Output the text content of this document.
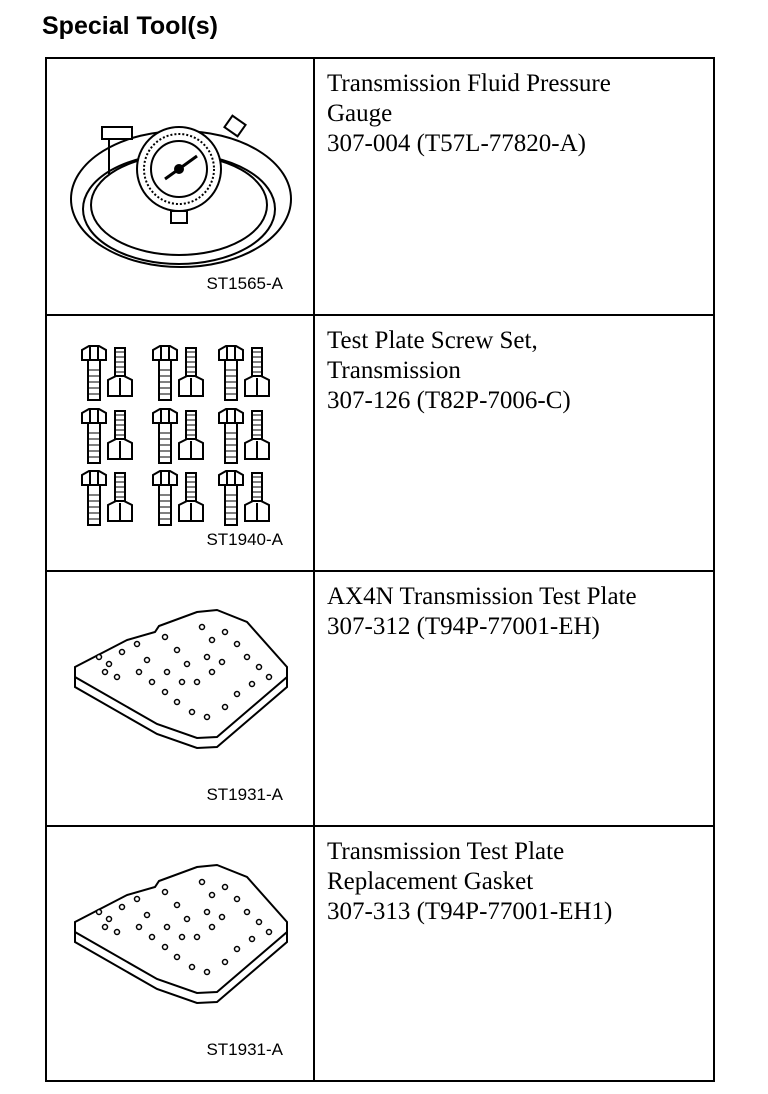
Special Tool(s)
ST1565-A
Transmission Fluid Pressure
Gauge
307-004 (T57L-77820-A)
ST1940-A
Test Plate Screw Set,
Transmission
307-126 (T82P-7006-C)
ST1931-A
AX4N Transmission Test Plate
307-312 (T94P-77001-EH)
ST1931-A
Transmission Test Plate
Replacement Gasket
307-313 (T94P-77001-EH1)
